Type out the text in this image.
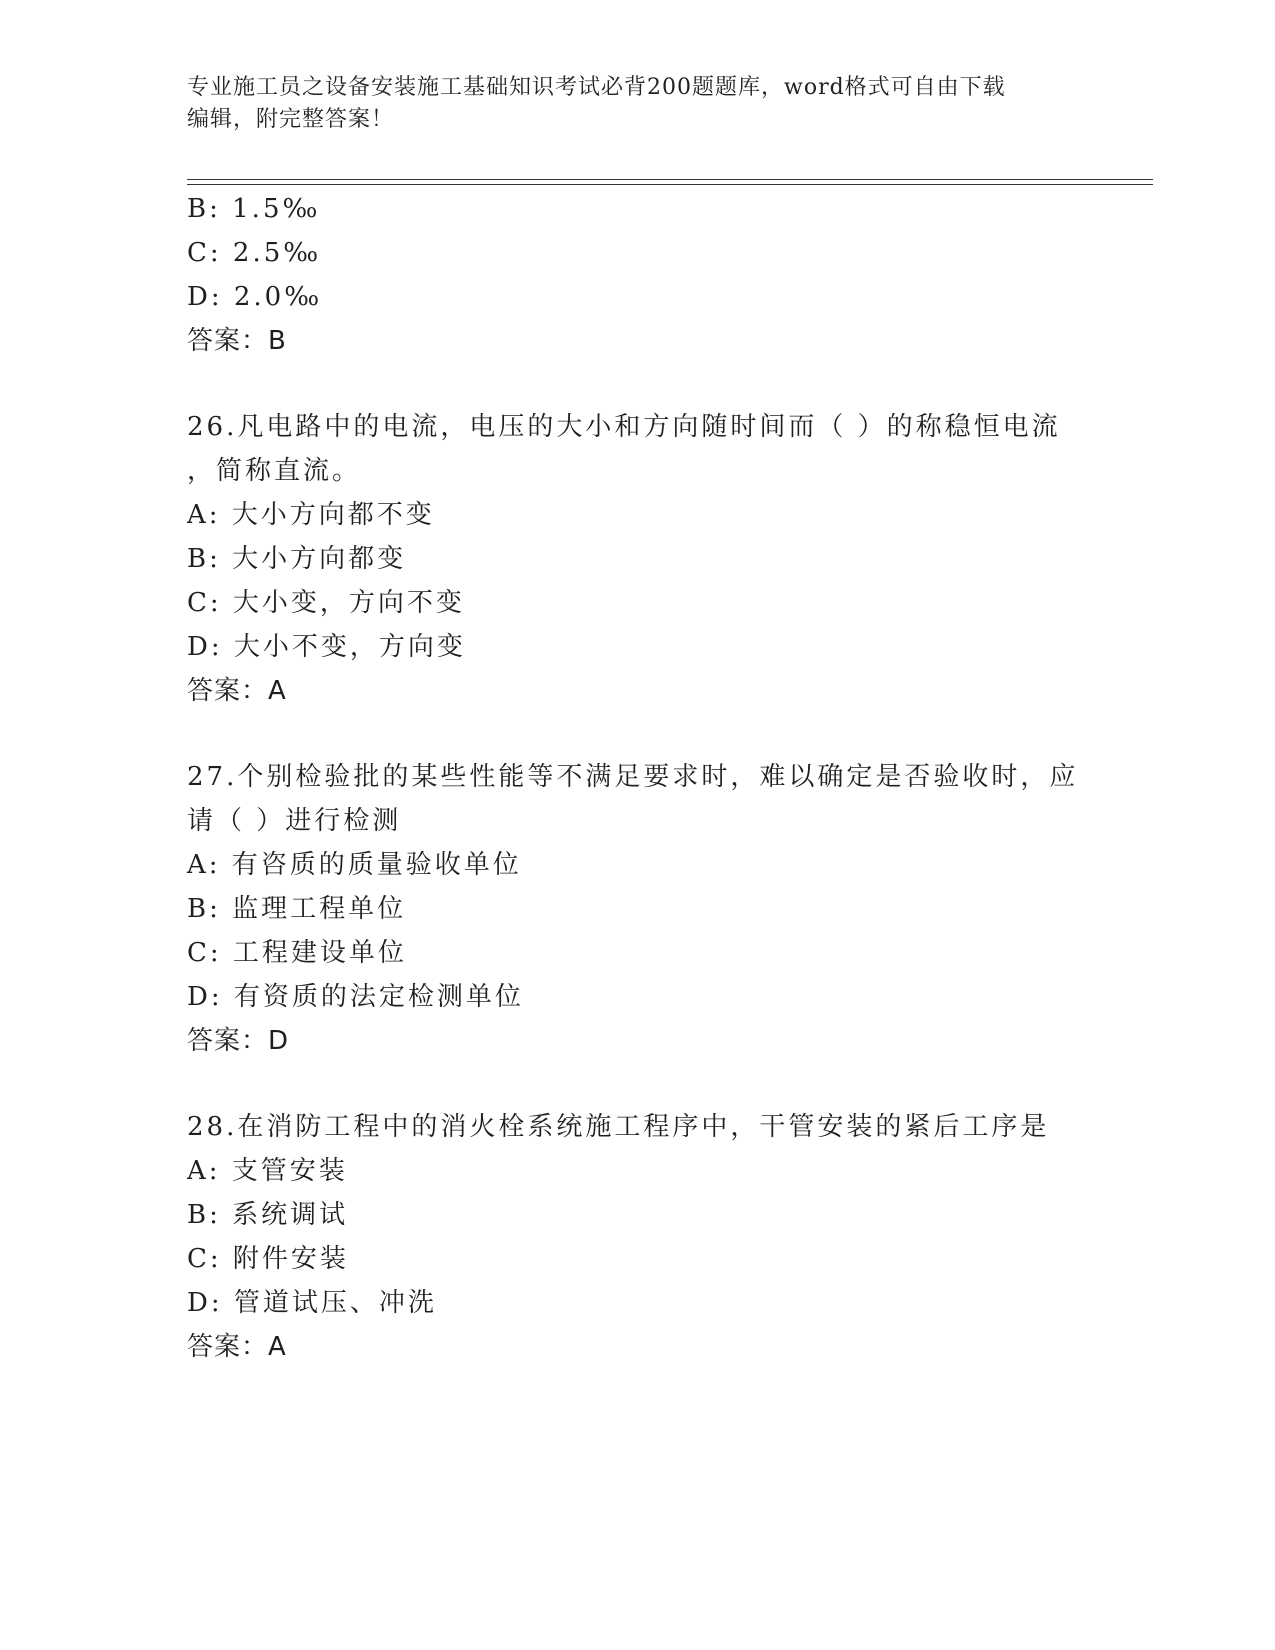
专业施工员之设备安装施工基础知识考试必背200题题库，word格式可自由下载
编辑，附完整答案！
B: 1.5‰
C: 2.5‰
D: 2.0‰
答案：B
26.凡电路中的电流，电压的大小和方向随时间而（ ）的称稳恒电流
，简称直流。
A: 大小方向都不变
B: 大小方向都变
C: 大小变，方向不变
D: 大小不变，方向变
答案：A
27.个别检验批的某些性能等不满足要求时，难以确定是否验收时，应
请（ ）进行检测
A: 有咨质的质量验收单位
B: 监理工程单位
C: 工程建设单位
D: 有资质的法定检测单位
答案：D
28.在消防工程中的消火栓系统施工程序中，干管安装的紧后工序是
A: 支管安装
B: 系统调试
C: 附件安装
D: 管道试压、冲洗
答案：A
